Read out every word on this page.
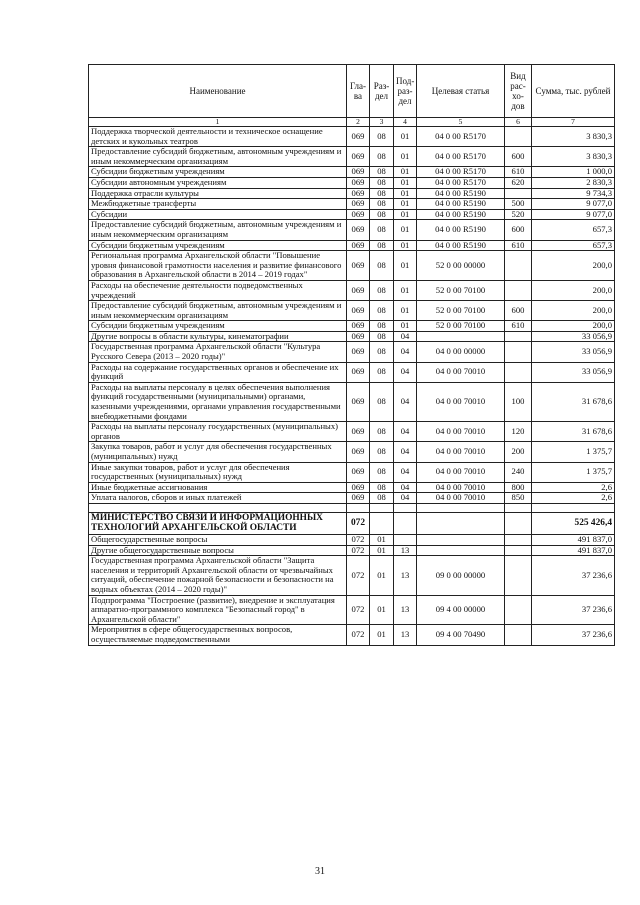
Наименование	Гла-ва	Раз-дел	Под-раз-дел	Целевая статья	Вид рас-хо-дов	Сумма, тыс. рублей
1	2	3	4	5	6	7
Поддержка творческой деятельности и техническое оснащение детских и кукольных театров	069	08	01	04 0 00 R5170		3 830,3
Предоставление субсидий бюджетным, автономным учреждениям и иным некоммерческим организациям	069	08	01	04 0 00 R5170	600	3 830,3
Субсидии бюджетным учреждениям	069	08	01	04 0 00 R5170	610	1 000,0
Субсидии автономным учреждениям	069	08	01	04 0 00 R5170	620	2 830,3
Поддержка отрасли культуры	069	08	01	04 0 00 R5190		9 734,3
Межбюджетные трансферты	069	08	01	04 0 00 R5190	500	9 077,0
Субсидии	069	08	01	04 0 00 R5190	520	9 077,0
Предоставление субсидий бюджетным, автономным учреждениям и иным некоммерческим организациям	069	08	01	04 0 00 R5190	600	657,3
Субсидии бюджетным учреждениям	069	08	01	04 0 00 R5190	610	657,3
Региональная программа Архангельской области "Повышение уровня финансовой грамотности населения и развитие финансового образования в Архангельской области в 2014 – 2019 годах"	069	08	01	52 0 00 00000		200,0
Расходы на обеспечение деятельности подведомственных учреждений	069	08	01	52 0 00 70100		200,0
Предоставление субсидий бюджетным, автономным учреждениям и иным некоммерческим организациям	069	08	01	52 0 00 70100	600	200,0
Субсидии бюджетным учреждениям	069	08	01	52 0 00 70100	610	200,0
Другие вопросы в области культуры, кинематографии	069	08	04			33 056,9
Государственная программа Архангельской области "Культура Русского Севера (2013 – 2020 годы)"	069	08	04	04 0 00 00000		33 056,9
Расходы на содержание государственных органов и обеспечение их функций	069	08	04	04 0 00 70010		33 056,9
Расходы на выплаты персоналу в целях обеспечения выполнения функций государственными (муниципальными) органами, казенными учреждениями, органами управления государственными внебюджетными фондами	069	08	04	04 0 00 70010	100	31 678,6
Расходы на выплаты персоналу государственных (муниципальных) органов	069	08	04	04 0 00 70010	120	31 678,6
Закупка товаров, работ и услуг для обеспечения государственных (муниципальных) нужд	069	08	04	04 0 00 70010	200	1 375,7
Иные закупки товаров, работ и услуг для обеспечения государственных (муниципальных) нужд	069	08	04	04 0 00 70010	240	1 375,7
Иные бюджетные ассигнования	069	08	04	04 0 00 70010	800	2,6
Уплата налогов, сборов и иных платежей	069	08	04	04 0 00 70010	850	2,6

МИНИСТЕРСТВО СВЯЗИ И ИНФОРМАЦИОННЫХ ТЕХНОЛОГИЙ АРХАНГЕЛЬСКОЙ ОБЛАСТИ	072					525 426,4
Общегосударственные вопросы	072	01				491 837,0
Другие общегосударственные вопросы	072	01	13			491 837,0
Государственная программа Архангельской области "Защита населения и территорий Архангельской области от чрезвычайных ситуаций, обеспечение пожарной безопасности и безопасности на водных объектах (2014 – 2020 годы)"	072	01	13	09 0 00 00000		37 236,6
Подпрограмма "Построение (развитие), внедрение и эксплуатация аппаратно-программного комплекса "Безопасный город" в Архангельской области"	072	01	13	09 4 00 00000		37 236,6
Мероприятия в сфере общегосударственных вопросов, осуществляемые подведомственными	072	01	13	09 4 00 70490		37 236,6
31
